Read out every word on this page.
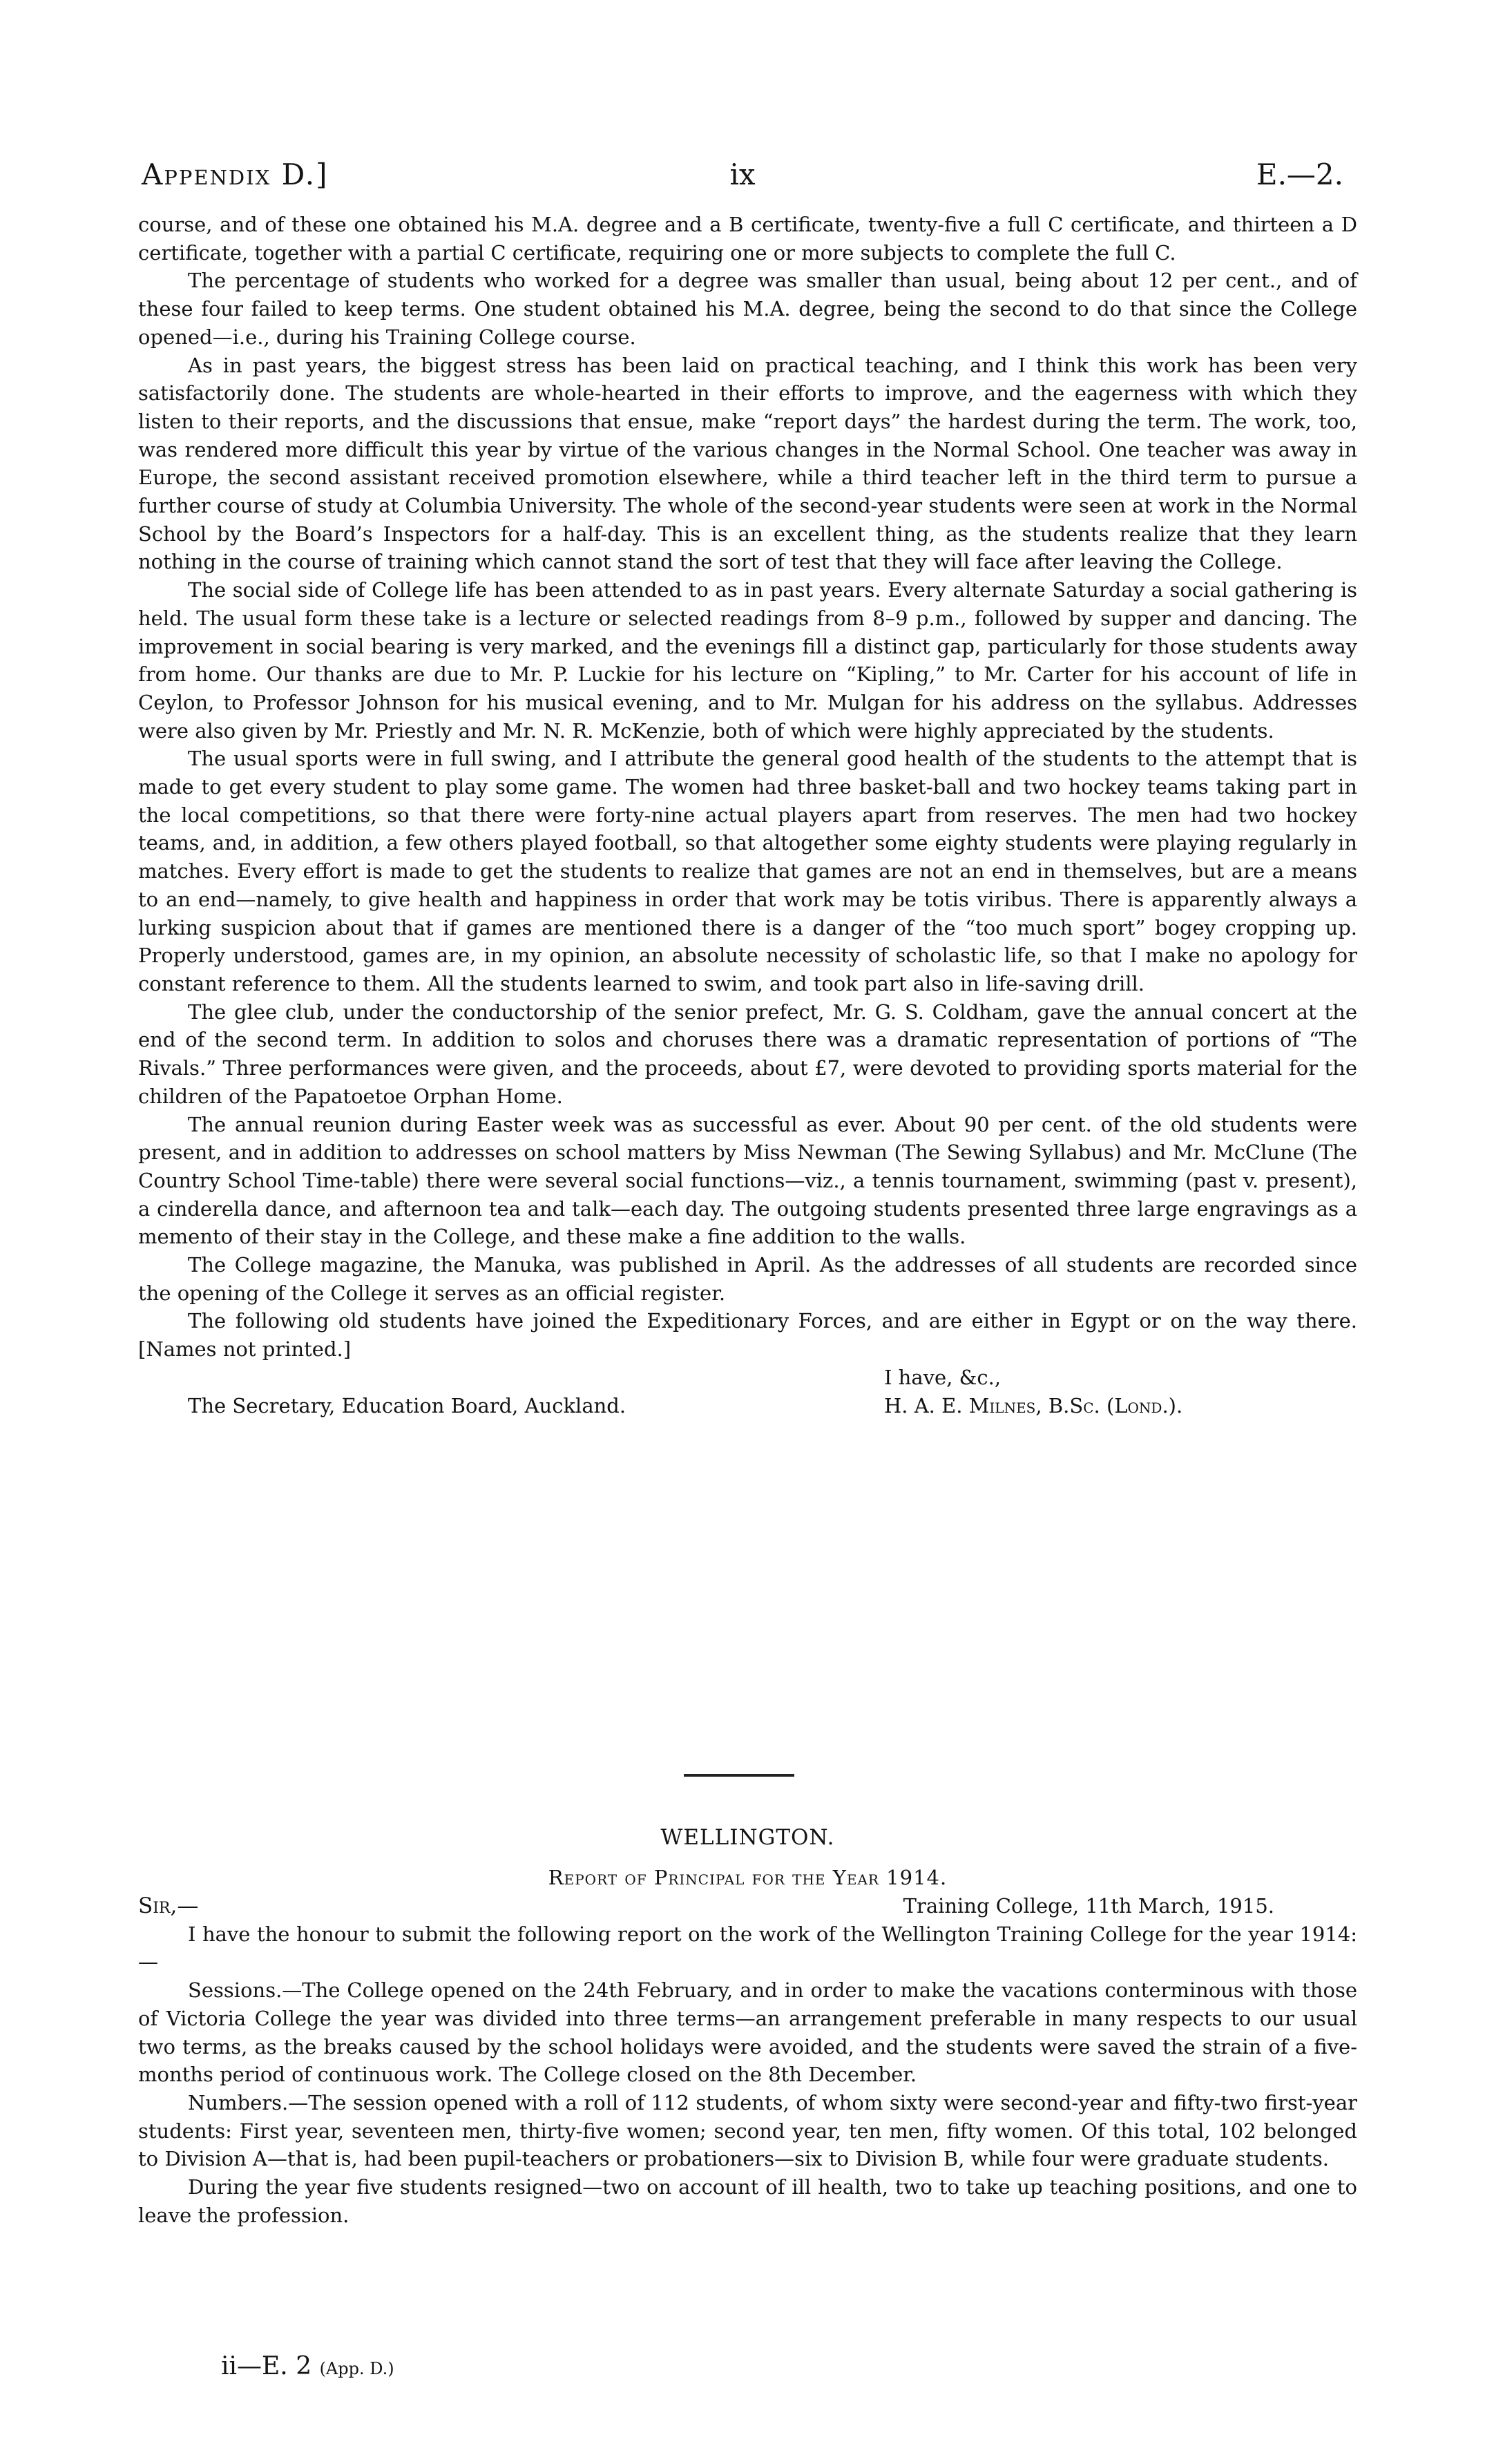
Appendix D.]	ix	E.—2.

course, and of these one obtained his M.A. degree and a B certificate, twenty-five a full C certificate, and thirteen a D certificate, together with a partial C certificate, requiring one or more subjects to complete the full C.

The percentage of students who worked for a degree was smaller than usual, being about 12 per cent., and of these four failed to keep terms. One student obtained his M.A. degree, being the second to do that since the College opened—i.e., during his Training College course.

As in past years, the biggest stress has been laid on practical teaching, and I think this work has been very satisfactorily done. The students are whole-hearted in their efforts to improve, and the eagerness with which they listen to their reports, and the discussions that ensue, make “report days” the hardest during the term. The work, too, was rendered more difficult this year by virtue of the various changes in the Normal School. One teacher was away in Europe, the second assistant received promotion elsewhere, while a third teacher left in the third term to pursue a further course of study at Columbia University. The whole of the second-year students were seen at work in the Normal School by the Board’s Inspectors for a half-day. This is an excellent thing, as the students realize that they learn nothing in the course of training which cannot stand the sort of test that they will face after leaving the College.

The social side of College life has been attended to as in past years. Every alternate Saturday a social gathering is held. The usual form these take is a lecture or selected readings from 8–9 p.m., followed by supper and dancing. The improvement in social bearing is very marked, and the evenings fill a distinct gap, particularly for those students away from home. Our thanks are due to Mr. P. Luckie for his lecture on “Kipling,” to Mr. Carter for his account of life in Ceylon, to Professor Johnson for his musical evening, and to Mr. Mulgan for his address on the syllabus. Addresses were also given by Mr. Priestly and Mr. N. R. McKenzie, both of which were highly appreciated by the students.

The usual sports were in full swing, and I attribute the general good health of the students to the attempt that is made to get every student to play some game. The women had three basket-ball and two hockey teams taking part in the local competitions, so that there were forty-nine actual players apart from reserves. The men had two hockey teams, and, in addition, a few others played football, so that altogether some eighty students were playing regularly in matches. Every effort is made to get the students to realize that games are not an end in themselves, but are a means to an end—namely, to give health and happiness in order that work may be totis viribus. There is apparently always a lurking suspicion about that if games are mentioned there is a danger of the “too much sport” bogey cropping up. Properly understood, games are, in my opinion, an absolute necessity of scholastic life, so that I make no apology for constant reference to them. All the students learned to swim, and took part also in life-saving drill.

The glee club, under the conductorship of the senior prefect, Mr. G. S. Coldham, gave the annual concert at the end of the second term. In addition to solos and choruses there was a dramatic representation of portions of “The Rivals.” Three performances were given, and the proceeds, about £7, were devoted to providing sports material for the children of the Papatoetoe Orphan Home.

The annual reunion during Easter week was as successful as ever. About 90 per cent. of the old students were present, and in addition to addresses on school matters by Miss Newman (The Sewing Syllabus) and Mr. McClune (The Country School Time-table) there were several social functions—viz., a tennis tournament, swimming (past v. present), a cinderella dance, and afternoon tea and talk—each day. The outgoing students presented three large engravings as a memento of their stay in the College, and these make a fine addition to the walls.

The College magazine, the Manuka, was published in April. As the addresses of all students are recorded since the opening of the College it serves as an official register.

The following old students have joined the Expeditionary Forces, and are either in Egypt or on the way there. [Names not printed.]

I have, &c.,
The Secretary, Education Board, Auckland.	H. A. E. Milnes, B.Sc. (Lond.).
WELLINGTON.
Report of Principal for the Year 1914.
Sir,—	Training College, 11th March, 1915.

I have the honour to submit the following report on the work of the Wellington Training College for the year 1914:—

Sessions.—The College opened on the 24th February, and in order to make the vacations conterminous with those of Victoria College the year was divided into three terms—an arrangement preferable in many respects to our usual two terms, as the breaks caused by the school holidays were avoided, and the students were saved the strain of a five-months period of continuous work. The College closed on the 8th December.

Numbers.—The session opened with a roll of 112 students, of whom sixty were second-year and fifty-two first-year students: First year, seventeen men, thirty-five women; second year, ten men, fifty women. Of this total, 102 belonged to Division A—that is, had been pupil-teachers or probationers—six to Division B, while four were graduate students.

During the year five students resigned—two on account of ill health, two to take up teaching positions, and one to leave the profession.

ii—E. 2 (App. D.)
